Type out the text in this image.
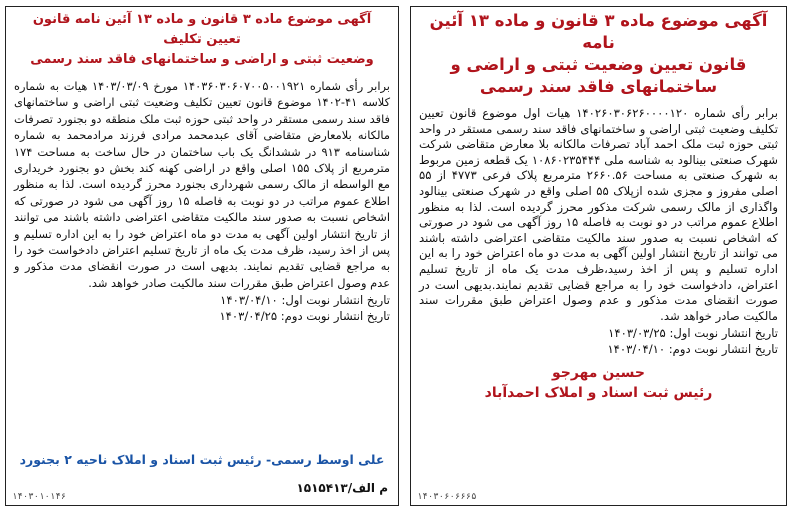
آگهی موضوع ماده ۳ قانون و ماده ۱۳ آئین نامه
قانون تعیین وضعیت ثبتی و اراضی و
ساختمانهای فاقد سند رسمی

برابر رأی شماره ۱۴۰۲۶۰۳۰۶۲۶۰۰۰۰۱۲۰ هیات اول موضوع قانون تعیین تکلیف وضعیت ثبتی اراضی و ساختمانهای فاقد سند رسمی مستقر در واحد ثبتی حوزه ثبت ملک احمد آباد تصرفات مالکانه بلا معارض متقاضی شرکت شهرک صنعتی بینالود به شناسه ملی ۱۰۸۶۰۲۳۵۴۴۴ یک قطعه زمین مربوط به شهرک صنعتی به مساحت ۲۶۶۰.۵۶ مترمربع پلاک فرعی ۴۷۷۳ از ۵۵ اصلی مفروز و مجزی شده ازپلاک ۵۵ اصلی واقع در شهرک صنعتی بینالود واگذاری از مالک رسمی شرکت مذکور محرز گردیده است. لذا به منظور اطلاع عموم مراتب در دو نوبت به فاصله ۱۵ روز آگهی می شود در صورتی که اشخاص نسبت به صدور سند مالکیت متقاضی اعتراضی داشته باشند می توانند از تاریخ انتشار اولین آگهی به مدت دو ماه اعتراض خود را به این اداره تسلیم و پس از اخذ رسید،ظرف مدت یک ماه از تاریخ تسلیم اعتراض، دادخواست خود را به مراجع قضایی تقدیم نمایند.بدیهی است در صورت انقضای مدت مذکور و عدم وصول اعتراض طبق مقررات سند مالکیت صادر خواهد شد.

تاریخ انتشار نوبت اول: ۱۴۰۳/۰۳/۲۵
تاریخ انتشار نوبت دوم: ۱۴۰۳/۰۴/۱۰
حسین مهرجو
رئیس ثبت اسناد و املاک احمدآباد
۱۴۰۳۰۶۰۶۶۶۵
آگهی موضوع ماده ۳ قانون و ماده ۱۳ آئین نامه قانون تعیین تکلیف
وضعیت ثبتی و اراضی و ساختمانهای فاقد سند رسمی

برابر رأی شماره ۱۴۰۳۶۰۳۰۶۰۷۰۰۵۰۰۱۹۲۱ مورخ ۱۴۰۳/۰۳/۰۹ هیات به شماره کلاسه ۴۱-۱۴۰۲ موضوع قانون تعیین تکلیف وضعیت ثبتی اراضی و ساختمانهای فاقد سند رسمی مستقر در واحد ثبتی حوزه ثبت ملک منطقه دو بجنورد تصرفات مالکانه بلامعارض متقاضی آقای عبدمحمد مرادی فرزند مرادمحمد به شماره شناسنامه ۹۱۳ در ششدانگ یک باب ساختمان در حال ساخت به مساحت ۱۷۴ مترمربع از پلاک ۱۵۵ اصلی واقع در اراضی کهنه کند بخش دو بجنورد خریداری مع الواسطه از مالک رسمی شهرداری بجنورد محرز گردیده است. لذا به منظور اطلاع عموم مراتب در دو نوبت به فاصله ۱۵ روز آگهی می شود در صورتی که اشخاص نسبت به صدور سند مالکیت متقاضی اعتراضی داشته باشند می توانند از تاریخ انتشار اولین آگهی به مدت دو ماه اعتراض خود را به این اداره تسلیم و پس از اخذ رسید، ظرف مدت یک ماه از تاریخ تسلیم اعتراض دادخواست خود را به مراجع قضایی تقدیم نمایند. بدیهی است در صورت انقضای مدت مذکور و عدم وصول اعتراض طبق مقررات سند مالکیت صادر خواهد شد.

تاریخ انتشار نوبت اول: ۱۴۰۳/۰۴/۱۰
تاریخ انتشار نوبت دوم: ۱۴۰۳/۰۴/۲۵
علی اوسط رسمی- رئیس ثبت اسناد و املاک ناحیه ۲ بجنورد
م الف/۱۵۱۵۴۱۳
۱۴۰۳۰۱۰۱۴۶
